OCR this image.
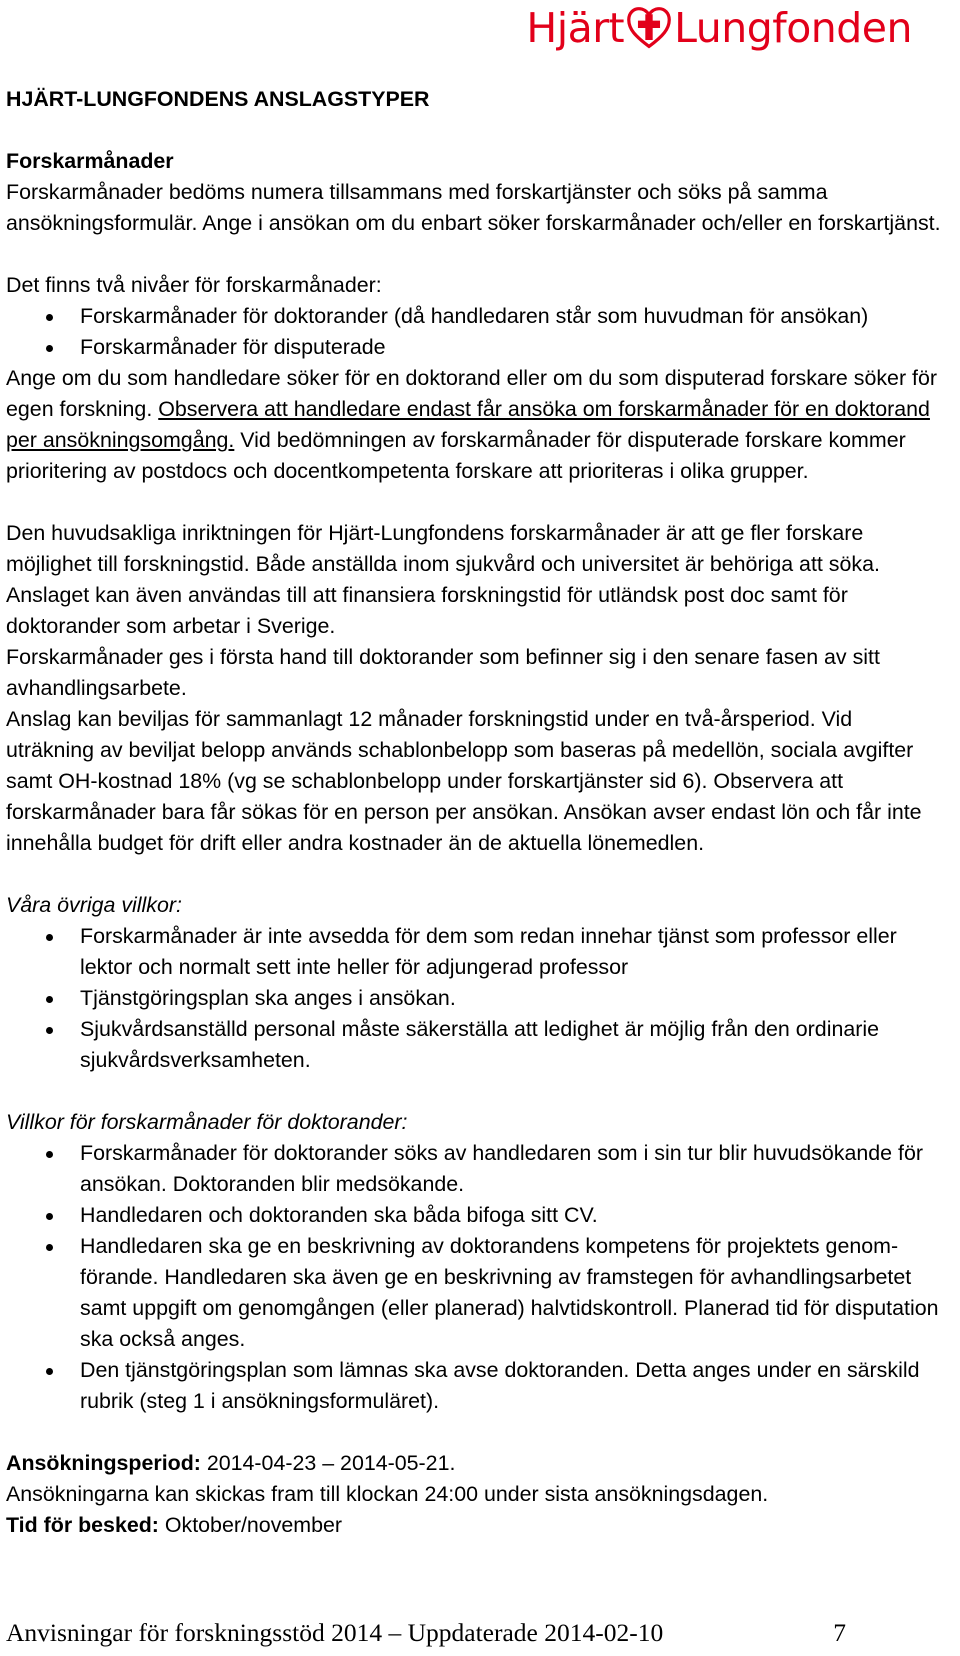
Hjärt Lungfonden

HJÄRT-LUNGFONDENS ANSLAGSTYPER

Forskarmånader

Forskarmånader bedöms numera tillsammans med forskartjänster och söks på samma ansökningsformulär. Ange i ansökan om du enbart söker forskarmånader och/eller en forskartjänst.

Det finns två nivåer för forskarmånader:

Forskarmånader för doktorander (då handledaren står som huvudman för ansökan)
Forskarmånader för disputerade

Ange om du som handledare söker för en doktorand eller om du som disputerad forskare söker för egen forskning. Observera att handledare endast får ansöka om forskarmånader för en doktorand per ansökningsomgång. Vid bedömningen av forskarmånader för disputerade forskare kommer prioritering av postdocs och docentkompetenta forskare att prioriteras i olika grupper.

Den huvudsakliga inriktningen för Hjärt-Lungfondens forskarmånader är att ge fler forskare möjlighet till forskningstid. Både anställda inom sjukvård och universitet är behöriga att söka.

Anslaget kan även användas till att finansiera forskningstid för utländsk post doc samt för doktorander som arbetar i Sverige.

Forskarmånader ges i första hand till doktorander som befinner sig i den senare fasen av sitt avhandlingsarbete.

Anslag kan beviljas för sammanlagt 12 månader forskningstid under en två-årsperiod. Vid uträkning av beviljat belopp används schablonbelopp som baseras på medellön, sociala avgifter samt OH-kostnad 18% (vg se schablonbelopp under forskartjänster sid 6). Observera att forskarmånader bara får sökas för en person per ansökan. Ansökan avser endast lön och får inte innehålla budget för drift eller andra kostnader än de aktuella lönemedlen.

Våra övriga villkor:

Forskarmånader är inte avsedda för dem som redan innehar tjänst som professor eller lektor och normalt sett inte heller för adjungerad professor
Tjänstgöringsplan ska anges i ansökan.
Sjukvårdsanställd personal måste säkerställa att ledighet är möjlig från den ordinarie sjukvårdsverksamheten.

Villkor för forskarmånader för doktorander:

Forskarmånader för doktorander söks av handledaren som i sin tur blir huvudsökande för ansökan. Doktoranden blir medsökande.
Handledaren och doktoranden ska båda bifoga sitt CV.
Handledaren ska ge en beskrivning av doktorandens kompetens för projektets genom-förande. Handledaren ska även ge en beskrivning av framstegen för avhandlingsarbetet samt uppgift om genomgången (eller planerad) halvtidskontroll. Planerad tid för disputation ska också anges.
Den tjänstgöringsplan som lämnas ska avse doktoranden. Detta anges under en särskild rubrik (steg 1 i ansökningsformuläret).

Ansökningsperiod: 2014-04-23 – 2014-05-21.

Ansökningarna kan skickas fram till klockan 24:00 under sista ansökningsdagen.

Tid för besked: Oktober/november

Anvisningar för forskningsstöd 2014 – Uppdaterade 2014-02-10	7
